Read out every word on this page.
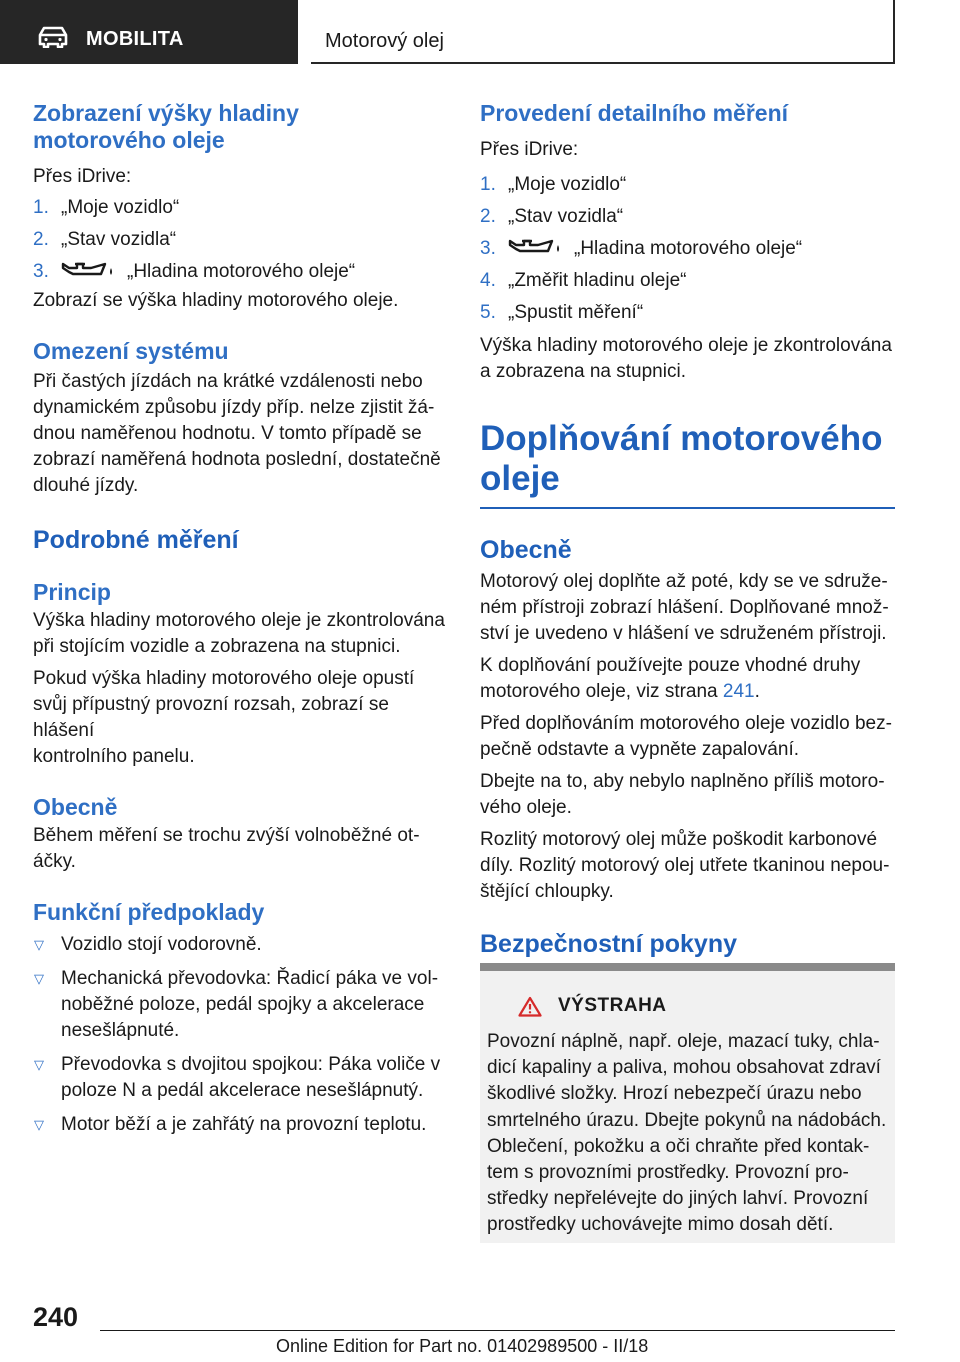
MOBILITA	Motorový olej
Zobrazení výšky hladiny
motorového oleje

Přes iDrive:

1. „Moje vozidlo“
2. „Stav vozidla“
3.	„Hladina motorového oleje“

Zobrazí se výška hladiny motorového oleje.

Omezení systému

Při častých jízdách na krátké vzdálenosti nebo
dynamickém způsobu jízdy příp. nelze zjistit žá‐
dnou naměřenou hodnotu. V tomto případě se
zobrazí naměřená hodnota poslední, dostatečně
dlouhé jízdy.

Podrobné měření
Princip

Výška hladiny motorového oleje je zkontrolována
při stojícím vozidle a zobrazena na stupnici.

Pokud výška hladiny motorového oleje opustí
svůj přípustný provozní rozsah, zobrazí se hlášení
kontrolního panelu.

Obecně

Během měření se trochu zvýší volnoběžné ot‐
áčky.

Funkční předpoklady
▽ Vozidlo stojí vodorovně.
▽ Mechanická převodovka: Řadicí páka ve vol‐
noběžné poloze, pedál spojky a akcelerace
nesešlápnuté.
▽ Převodovka s dvojitou spojkou: Páka voliče v
poloze N a pedál akcelerace nesešlápnutý.
▽ Motor běží a je zahřátý na provozní teplotu.
Provedení detailního měření

Přes iDrive:

1. „Moje vozidlo“
2. „Stav vozidla“
3.	„Hladina motorového oleje“
4. „Změřit hladinu oleje“
5. „Spustit měření“

Výška hladiny motorového oleje je zkontrolována
a zobrazena na stupnici.

Doplňování motorového
oleje
Obecně

Motorový olej doplňte až poté, kdy se ve sdruže‐
ném přístroji zobrazí hlášení. Doplňované množ‐
ství je uvedeno v hlášení ve sdruženém přístroji.

K doplňování používejte pouze vhodné druhy
motorového oleje, viz strana 241.

Před doplňováním motorového oleje vozidlo bez‐
pečně odstavte a vypněte zapalování.

Dbejte na to, aby nebylo naplněno příliš motoro‐
vého oleje.

Rozlitý motorový olej může poškodit karbonové
díly. Rozlitý motorový olej utřete tkaninou nepou‐
štějící chloupky.

Bezpečnostní pokyny
VÝSTRAHA
Povozní náplně, např. oleje, mazací tuky, chla‐
dicí kapaliny a paliva, mohou obsahovat zdraví
škodlivé složky. Hrozí nebezpečí úrazu nebo
smrtelného úrazu. Dbejte pokynů na nádobách.
Oblečení, pokožku a oči chraňte před kontak‐
tem s provozními prostředky. Provozní pro‐
středky nepřelévejte do jiných lahví. Provozní
prostředky uchovávejte mimo dosah dětí.
240
Online Edition for Part no. 01402989500 - II/18
